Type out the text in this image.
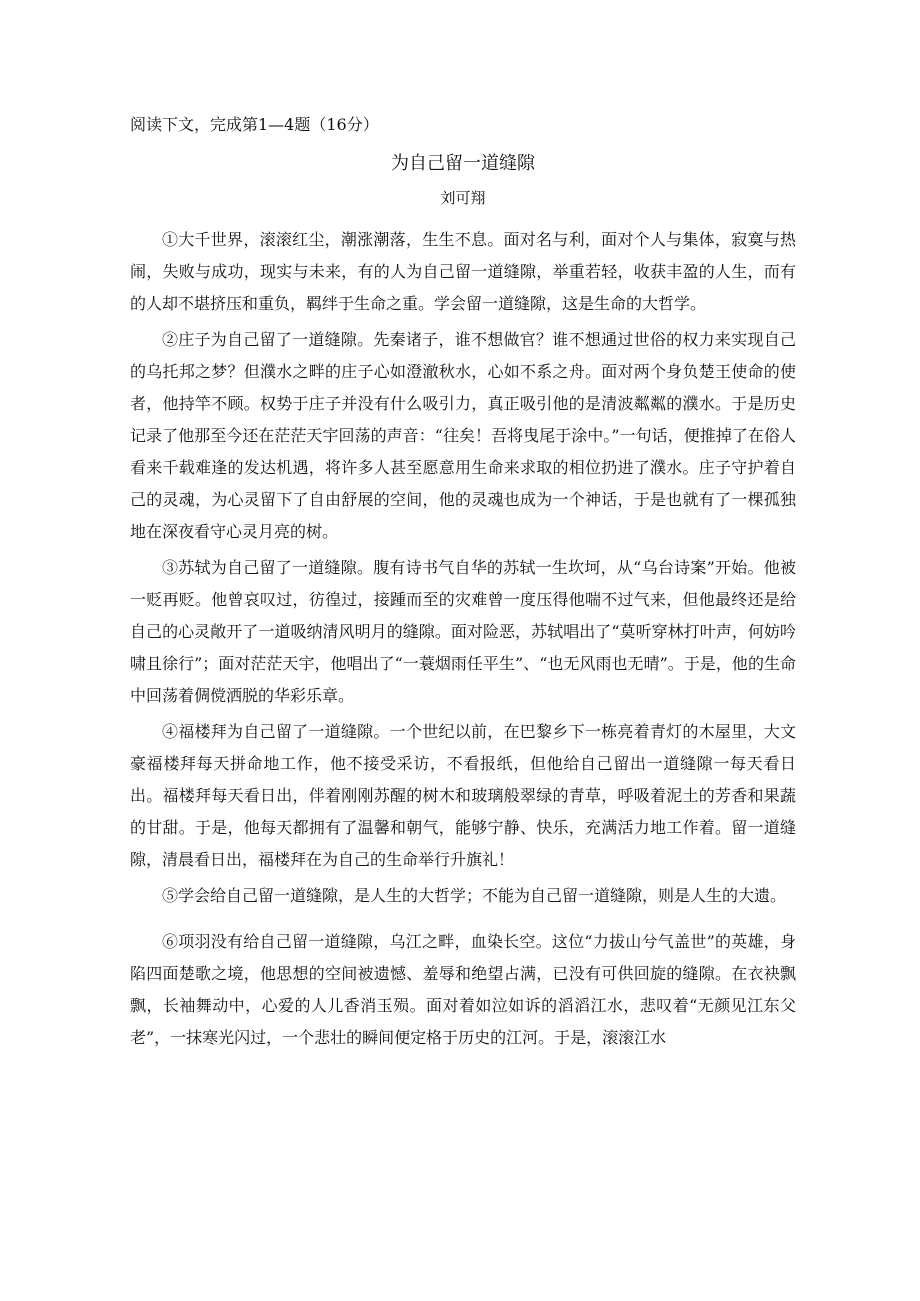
阅读下文，完成第1—4题（16分）
为自己留一道缝隙
刘可翔

①大千世界，滚滚红尘，潮涨潮落，生生不息。面对名与利，面对个人与集体，寂寞与热闹，失败与成功，现实与未来，有的人为自己留一道缝隙，举重若轻，收获丰盈的人生，而有的人却不堪挤压和重负，羁绊于生命之重。学会留一道缝隙，这是生命的大哲学。

②庄子为自己留了一道缝隙。先秦诸子，谁不想做官？谁不想通过世俗的权力来实现自己的乌托邦之梦？但濮水之畔的庄子心如澄澈秋水，心如不系之舟。面对两个身负楚王使命的使者，他持竿不顾。权势于庄子并没有什么吸引力，真正吸引他的是清波粼粼的濮水。于是历史记录了他那至今还在茫茫天宇回荡的声音：“往矣！吾将曳尾于涂中。”一句话，便推掉了在俗人看来千载难逢的发达机遇，将许多人甚至愿意用生命来求取的相位扔进了濮水。庄子守护着自己的灵魂，为心灵留下了自由舒展的空间，他的灵魂也成为一个神话，于是也就有了一棵孤独地在深夜看守心灵月亮的树。

③苏轼为自己留了一道缝隙。腹有诗书气自华的苏轼一生坎坷，从“乌台诗案”开始。他被一贬再贬。他曾哀叹过，彷徨过，接踵而至的灾难曾一度压得他喘不过气来，但他最终还是给自己的心灵敞开了一道吸纳清风明月的缝隙。面对险恶，苏轼唱出了“莫听穿林打叶声，何妨吟啸且徐行”；面对茫茫天宇，他唱出了“一蓑烟雨任平生”、“也无风雨也无晴”。于是，他的生命中回荡着倜傥洒脱的华彩乐章。

④福楼拜为自己留了一道缝隙。一个世纪以前，在巴黎乡下一栋亮着青灯的木屋里，大文豪福楼拜每天拼命地工作，他不接受采访，不看报纸，但他给自己留出一道缝隙一每天看日出。福楼拜每天看日出，伴着刚刚苏醒的树木和玻璃般翠绿的青草，呼吸着泥土的芳香和果蔬的甘甜。于是，他每天都拥有了温馨和朝气，能够宁静、快乐，充满活力地工作着。留一道缝隙，清晨看日出，福楼拜在为自己的生命举行升旗礼！

⑤学会给自己留一道缝隙，是人生的大哲学；不能为自己留一道缝隙，则是人生的大遗。

⑥项羽没有给自己留一道缝隙，乌江之畔，血染长空。这位“力拔山兮气盖世”的英雄，身陷四面楚歌之境，他思想的空间被遗憾、羞辱和绝望占满，已没有可供回旋的缝隙。在衣袂飘飘，长袖舞动中，心爱的人儿香消玉殒。面对着如泣如诉的滔滔江水，悲叹着“无颜见江东父老”，一抹寒光闪过，一个悲壮的瞬间便定格于历史的江河。于是，滚滚江水
